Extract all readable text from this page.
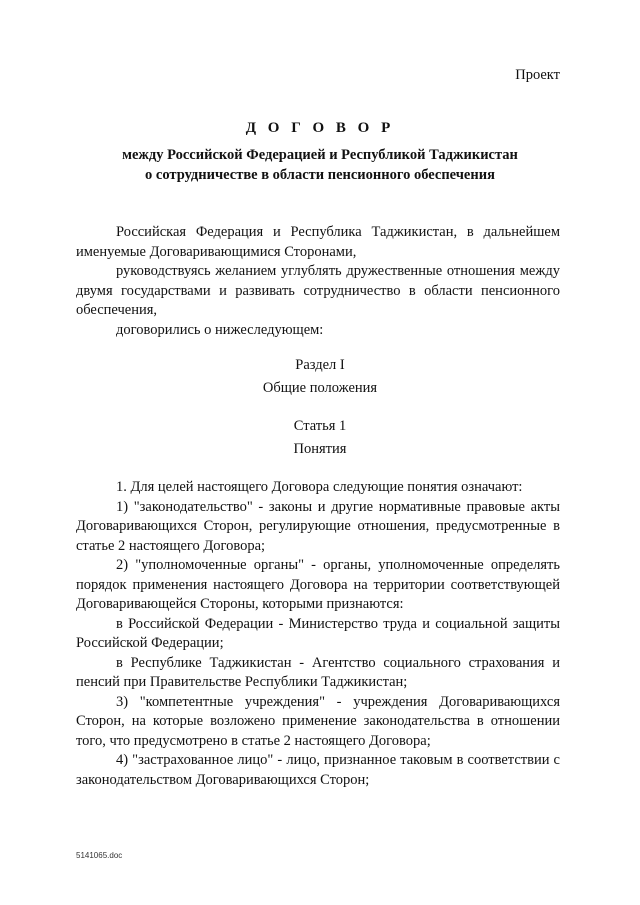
Проект
Д О Г О В О Р
между Российской Федерацией и Республикой Таджикистан
о сотрудничестве в области пенсионного обеспечения

Российская Федерация и Республика Таджикистан, в дальнейшем именуемые Договаривающимися Сторонами,

руководствуясь желанием углублять дружественные отношения между двумя государствами и развивать сотрудничество в области пенсионного обеспечения,

договорились о нижеследующем:

Раздел I
Общие положения
Статья 1
Понятия

1. Для целей настоящего Договора следующие понятия означают:

1) "законодательство" - законы и другие нормативные правовые акты Договаривающихся Сторон, регулирующие отношения, предусмотренные в статье 2 настоящего Договора;

2) "уполномоченные органы" - органы, уполномоченные определять порядок применения настоящего Договора на территории соответствующей Договаривающейся Стороны, которыми признаются:

в Российской Федерации - Министерство труда и социальной защиты Российской Федерации;

в Республике Таджикистан - Агентство социального страхования и пенсий при Правительстве Республики Таджикистан;

3) "компетентные учреждения" - учреждения Договаривающихся Сторон, на которые возложено применение законодательства в отношении того, что предусмотрено в статье 2 настоящего Договора;

4) "застрахованное лицо" - лицо, признанное таковым в соответствии с законодательством Договаривающихся Сторон;

5141065.doc
